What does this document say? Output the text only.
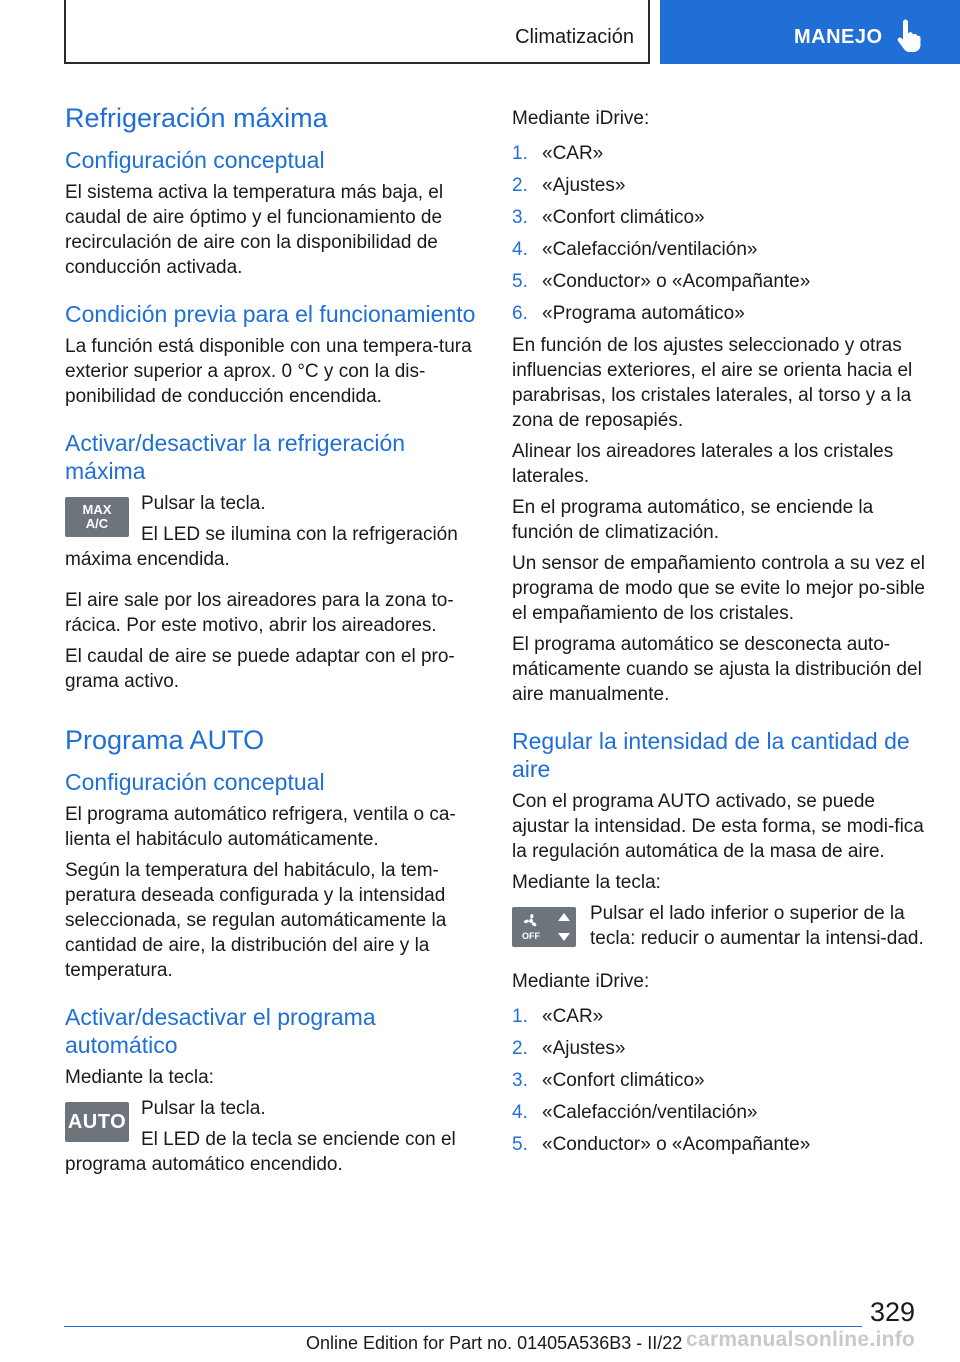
Climatización	MANEJO
Refrigeración máxima
Configuración conceptual

El sistema activa la temperatura más baja, el caudal de aire óptimo y el funcionamiento de recirculación de aire con la disponibilidad de conducción activada.

Condición previa para el funcionamiento

La función está disponible con una tempera‐tura exterior superior a aprox. 0 °C y con la dis‐ponibilidad de conducción encendida.

Activar/desactivar la refrigeración máxima
MAX
A/C

Pulsar la tecla.

El LED se ilumina con la refrigeración máxima encendida.

El aire sale por los aireadores para la zona to‐rácica. Por este motivo, abrir los aireadores.

El caudal de aire se puede adaptar con el pro‐grama activo.

Programa AUTO
Configuración conceptual

El programa automático refrigera, ventila o ca‐lienta el habitáculo automáticamente.

Según la temperatura del habitáculo, la tem‐peratura deseada configurada y la intensidad seleccionada, se regulan automáticamente la cantidad de aire, la distribución del aire y la temperatura.

Activar/desactivar el programa automático

Mediante la tecla:

AUTO

Pulsar la tecla.

El LED de la tecla se enciende con el programa automático encendido.

Mediante iDrive:

1. «CAR»
2. «Ajustes»
3. «Confort climático»
4. «Calefacción/ventilación»
5. «Conductor» o «Acompañante»
6. «Programa automático»

En función de los ajustes seleccionado y otras influencias exteriores, el aire se orienta hacia el parabrisas, los cristales laterales, al torso y a la zona de reposapiés.

Alinear los aireadores laterales a los cristales laterales.

En el programa automático, se enciende la función de climatización.

Un sensor de empañamiento controla a su vez el programa de modo que se evite lo mejor po‐sible el empañamiento de los cristales.

El programa automático se desconecta auto‐máticamente cuando se ajusta la distribución del aire manualmente.

Regular la intensidad de la cantidad de aire

Con el programa AUTO activado, se puede ajustar la intensidad. De esta forma, se modi‐fica la regulación automática de la masa de aire.

Mediante la tecla:

OFF

Pulsar el lado inferior o superior de la tecla: reducir o aumentar la intensi‐dad.

Mediante iDrive:

1. «CAR»
2. «Ajustes»
3. «Confort climático»
4. «Calefacción/ventilación»
5. «Conductor» o «Acompañante»
329
Online Edition for Part no. 01405A536B3 - II/22 carmanualsonline.info
